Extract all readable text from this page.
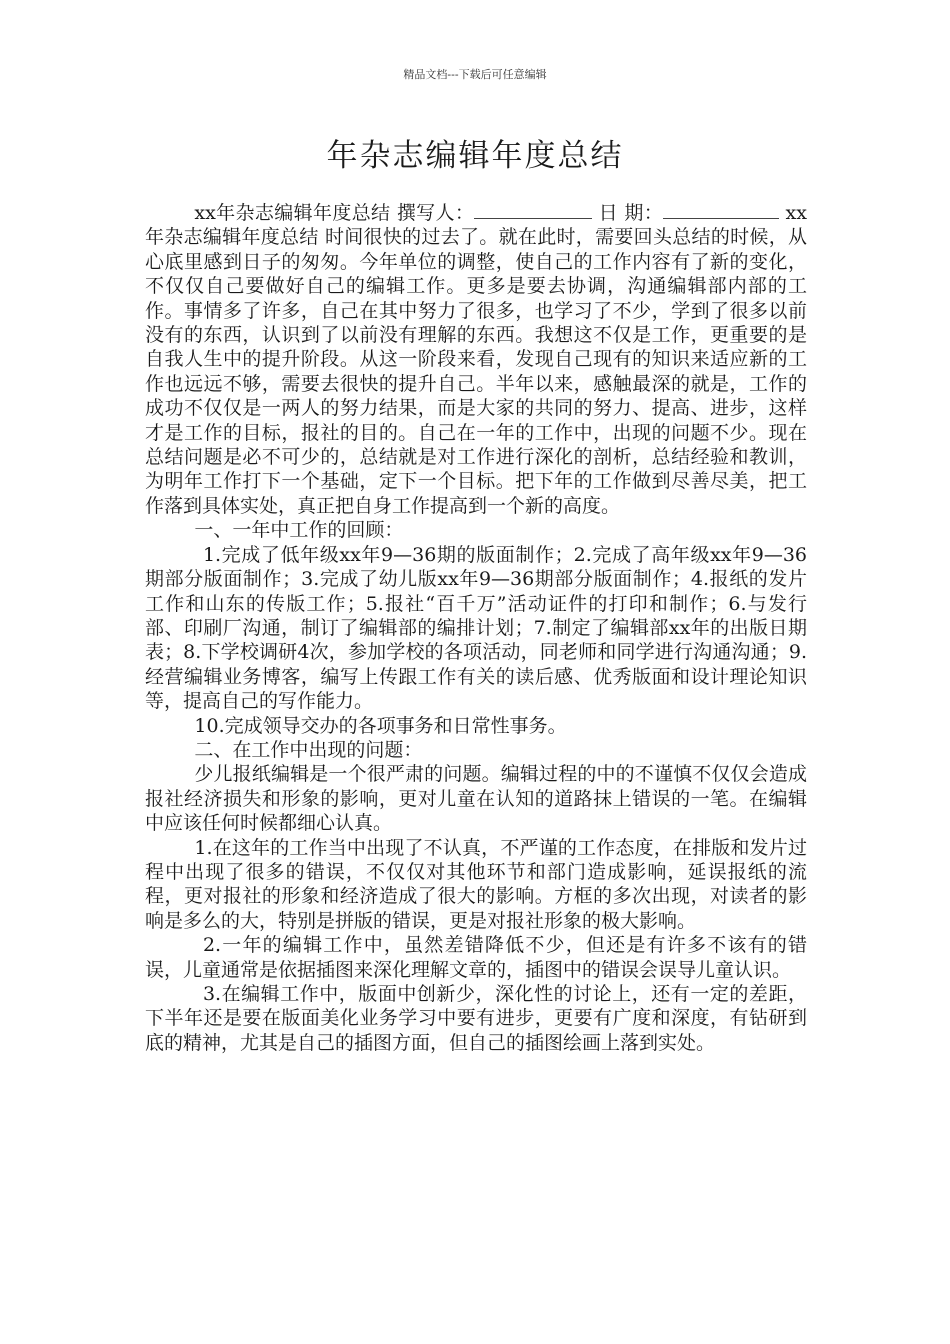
精品文档---下载后可任意编辑
年杂志编辑年度总结

xx年杂志编辑年度总结 撰写人：	日 期：	xx年杂志编辑年度总结 时间很快的过去了。就在此时，需要回头总结的时候，从心底里感到日子的匆匆。今年单位的调整，使自己的工作内容有了新的变化，不仅仅自己要做好自己的编辑工作。更多是要去协调，沟通编辑部内部的工作。事情多了许多，自己在其中努力了很多，也学习了不少，学到了很多以前没有的东西，认识到了以前没有理解的东西。我想这不仅是工作，更重要的是自我人生中的提升阶段。从这一阶段来看，发现自己现有的知识来适应新的工作也远远不够，需要去很快的提升自己。半年以来，感触最深的就是，工作的成功不仅仅是一两人的努力结果，而是大家的共同的努力、提高、进步，这样才是工作的目标，报社的目的。自己在一年的工作中，出现的问题不少。现在总结问题是必不可少的，总结就是对工作进行深化的剖析，总结经验和教训，为明年工作打下一个基础，定下一个目标。把下年的工作做到尽善尽美，把工作落到具体实处，真正把自身工作提高到一个新的高度。

一、一年中工作的回顾：

1.完成了低年级xx年9—36期的版面制作；2.完成了高年级xx年9—36期部分版面制作；3.完成了幼儿版xx年9—36期部分版面制作；4.报纸的发片工作和山东的传版工作；5.报社“百千万”活动证件的打印和制作；6.与发行部、印刷厂沟通，制订了编辑部的编排计划；7.制定了编辑部xx年的出版日期表；8.下学校调研4次，参加学校的各项活动，同老师和同学进行沟通沟通；9.经营编辑业务博客，编写上传跟工作有关的读后感、优秀版面和设计理论知识等，提高自己的写作能力。

10.完成领导交办的各项事务和日常性事务。

二、在工作中出现的问题：

少儿报纸编辑是一个很严肃的问题。编辑过程的中的不谨慎不仅仅会造成报社经济损失和形象的影响，更对儿童在认知的道路抹上错误的一笔。在编辑中应该任何时候都细心认真。

1.在这年的工作当中出现了不认真，不严谨的工作态度，在排版和发片过程中出现了很多的错误，不仅仅对其他环节和部门造成影响，延误报纸的流程，更对报社的形象和经济造成了很大的影响。方框的多次出现，对读者的影响是多么的大，特别是拼版的错误，更是对报社形象的极大影响。

2.一年的编辑工作中，虽然差错降低不少，但还是有许多不该有的错误，儿童通常是依据插图来深化理解文章的，插图中的错误会误导儿童认识。

3.在编辑工作中，版面中创新少，深化性的讨论上，还有一定的差距，下半年还是要在版面美化业务学习中要有进步，更要有广度和深度，有钻研到底的精神，尤其是自己的插图方面，但自己的插图绘画上落到实处。
